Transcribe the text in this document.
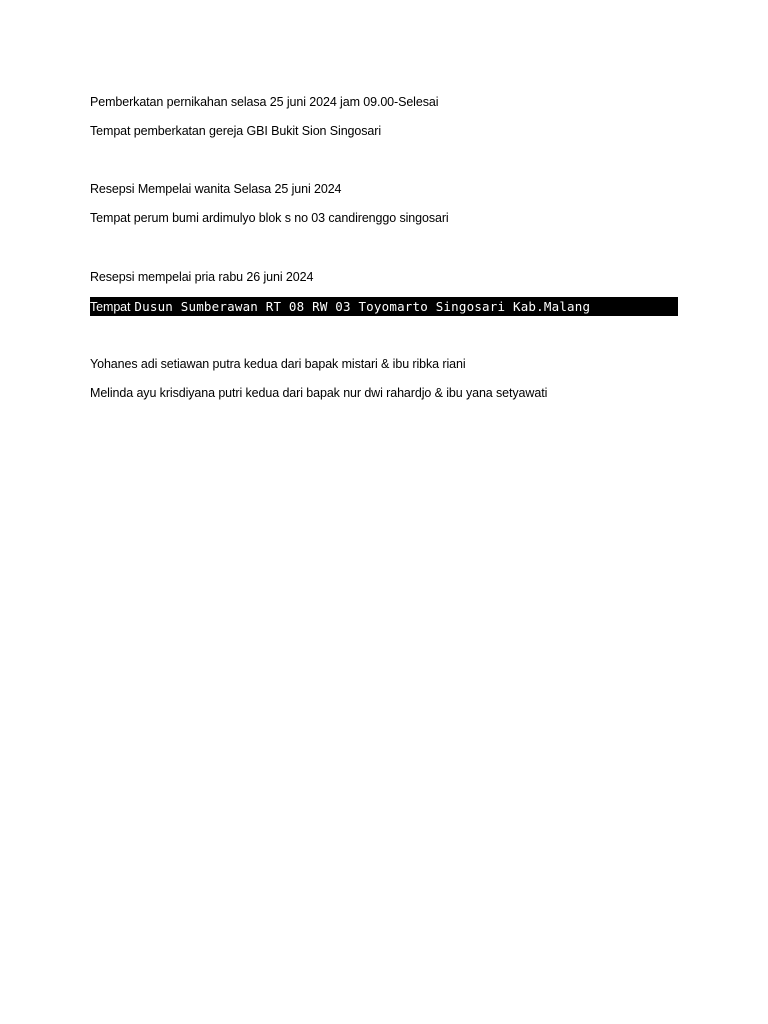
Pemberkatan pernikahan selasa 25 juni 2024 jam 09.00-Selesai
Tempat pemberkatan gereja GBI Bukit Sion Singosari
Resepsi Mempelai wanita Selasa 25 juni 2024
Tempat perum bumi ardimulyo blok s no 03 candirenggo singosari
Resepsi mempelai pria rabu 26 juni 2024
Tempat Dusun Sumberawan RT 08 RW 03 Toyomarto Singosari Kab.Malang
Yohanes adi setiawan putra kedua dari bapak mistari & ibu ribka riani
Melinda ayu krisdiyana putri kedua dari bapak nur dwi rahardjo & ibu yana setyawati
